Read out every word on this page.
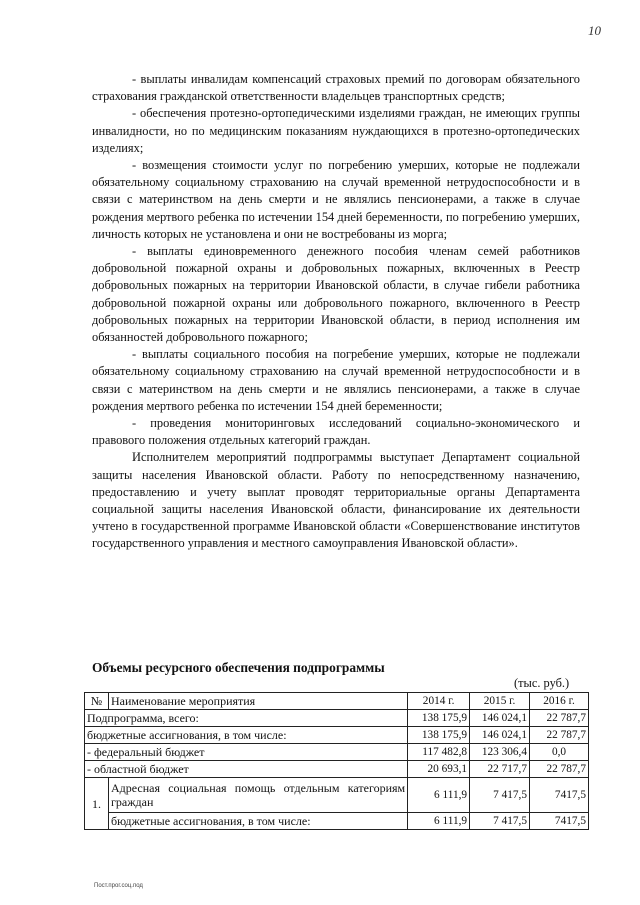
10

- выплаты инвалидам компенсаций страховых премий по договорам обязательного страхования гражданской ответственности владельцев транспортных средств;

- обеспечения протезно-ортопедическими изделиями граждан, не имеющих группы инвалидности, но по медицинским показаниям нуждающихся в протезно-ортопедических изделиях;

- возмещения стоимости услуг по погребению умерших, которые не подлежали обязательному социальному страхованию на случай временной нетрудоспособности и в связи с материнством на день смерти и не являлись пенсионерами, а также в случае рождения мертвого ребенка по истечении 154 дней беременности, по погребению умерших, личность которых не установлена и они не востребованы из морга;

- выплаты единовременного денежного пособия членам семей работников добровольной пожарной охраны и добровольных пожарных, включенных в Реестр добровольных пожарных на территории Ивановской области, в случае гибели работника добровольной пожарной охраны или добровольного пожарного, включенного в Реестр добровольных пожарных на территории Ивановской области, в период исполнения им обязанностей добровольного пожарного;

- выплаты социального пособия на погребение умерших, которые не подлежали обязательному социальному страхованию на случай временной нетрудоспособности и в связи с материнством на день смерти и не являлись пенсионерами, а также в случае рождения мертвого ребенка по истечении 154 дней беременности;

- проведения мониторинговых исследований социально-экономического и правового положения отдельных категорий граждан.

Исполнителем мероприятий подпрограммы выступает Департамент социальной защиты населения Ивановской области. Работу по непосредственному назначению, предоставлению и учету выплат проводят территориальные органы Департамента социальной защиты населения Ивановской области, финансирование их деятельности учтено в государственной программе Ивановской области «Совершенствование институтов государственного управления и местного самоуправления Ивановской области».

Объемы ресурсного обеспечения подпрограммы
(тыс. руб.)
№	Наименование мероприятия	2014 г.	2015 г.	2016 г.
Подпрограмма, всего:		138 175,9	146 024,1	22 787,7
бюджетные ассигнования, в том числе:		138 175,9	146 024,1	22 787,7
- федеральный бюджет		117 482,8	123 306,4	0,0
- областной бюджет		20 693,1	22 717,7	22 787,7
1.	Адресная социальная помощь отдельным категориям граждан	6 111,9	7 417,5	7417,5
	бюджетные ассигнования, в том числе:	6 111,9	7 417,5	7417,5
Пост.прог.соц.под
